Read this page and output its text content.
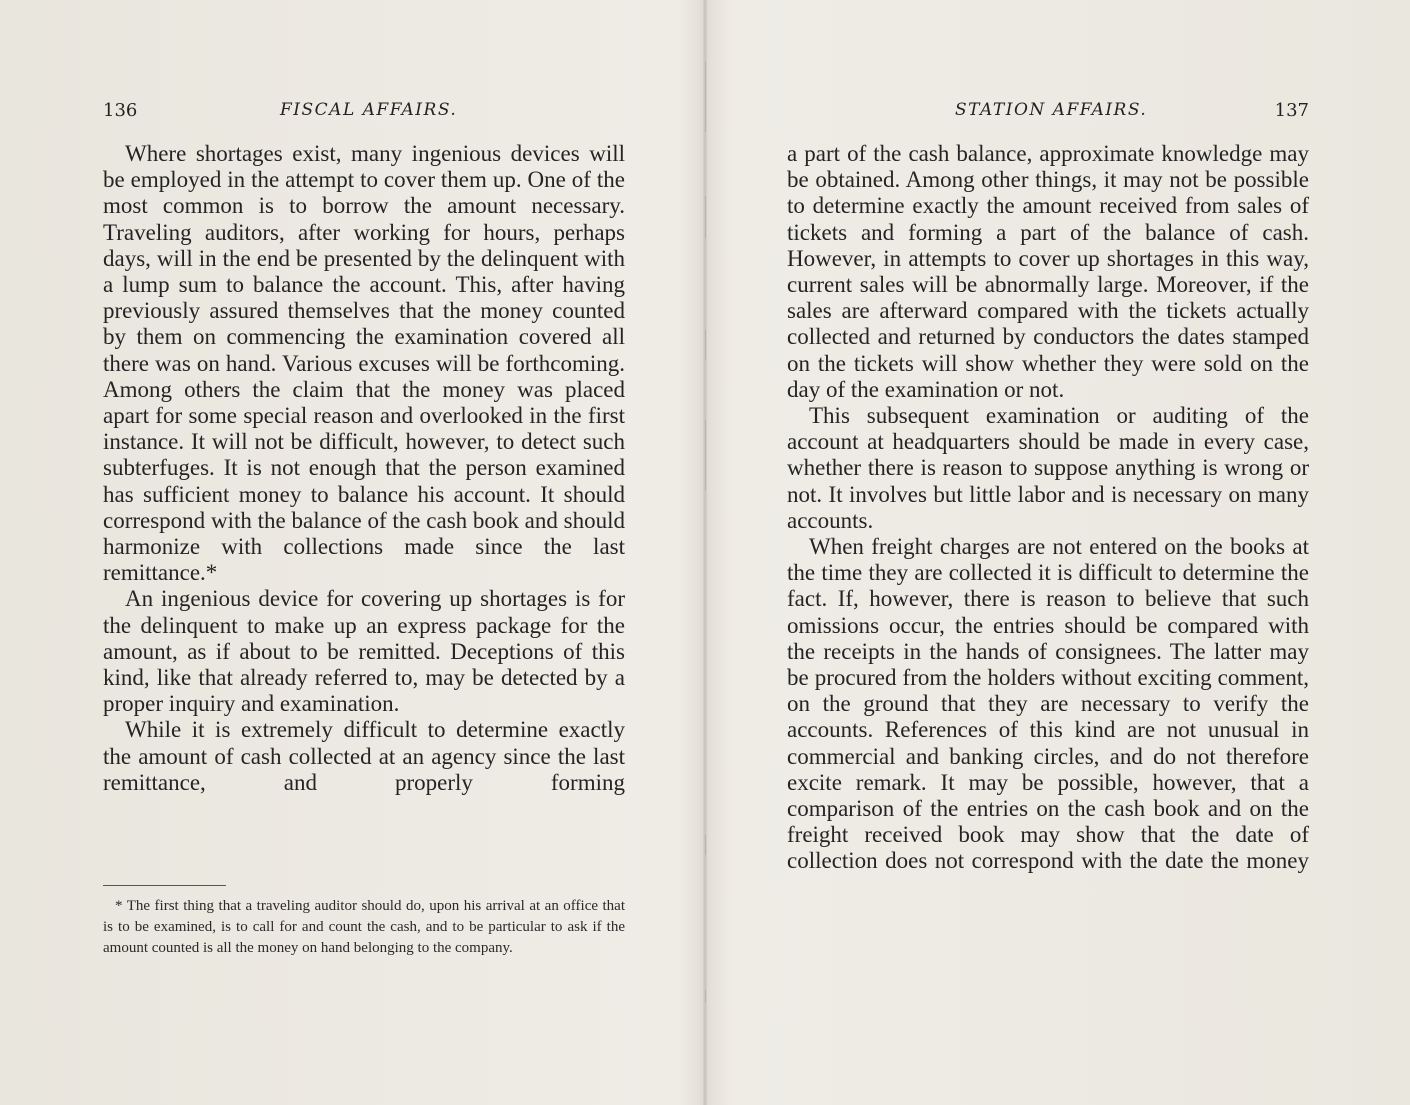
136	FISCAL AFFAIRS.

Where shortages exist, many ingenious devices will be employed in the attempt to cover them up. One of the most common is to borrow the amount necessary. Traveling auditors, after working for hours, perhaps days, will in the end be presented by the delinquent with a lump sum to balance the account. This, after having previously assured themselves that the money counted by them on commencing the examination covered all there was on hand. Various excuses will be forthcoming. Among others the claim that the money was placed apart for some special reason and overlooked in the first instance. It will not be difficult, however, to detect such subterfuges. It is not enough that the person examined has sufficient money to balance his account. It should correspond with the balance of the cash book and should harmonize with collections made since the last remittance.*

An ingenious device for covering up shortages is for the delinquent to make up an express package for the amount, as if about to be remitted. Deceptions of this kind, like that already referred to, may be detected by a proper inquiry and examination.

While it is extremely difficult to determine exactly the amount of cash collected at an agency since the last remittance, and properly forming

* The first thing that a traveling auditor should do, upon his arrival at an office that is to be examined, is to call for and count the cash, and to be particular to ask if the amount counted is all the money on hand belonging to the company.

STATION AFFAIRS.	137

a part of the cash balance, approximate knowledge may be obtained. Among other things, it may not be possible to determine exactly the amount received from sales of tickets and forming a part of the balance of cash. However, in attempts to cover up shortages in this way, current sales will be abnormally large. Moreover, if the sales are afterward compared with the tickets actually collected and returned by conductors the dates stamped on the tickets will show whether they were sold on the day of the examination or not.

This subsequent examination or auditing of the account at headquarters should be made in every case, whether there is reason to suppose anything is wrong or not. It involves but little labor and is necessary on many accounts.

When freight charges are not entered on the books at the time they are collected it is difficult to determine the fact. If, however, there is reason to believe that such omissions occur, the entries should be compared with the receipts in the hands of consignees. The latter may be procured from the holders without exciting comment, on the ground that they are necessary to verify the accounts. References of this kind are not unusual in commercial and banking circles, and do not therefore excite remark. It may be possible, however, that a comparison of the entries on the cash book and on the freight received book may show that the date of collection does not correspond with the date the money
